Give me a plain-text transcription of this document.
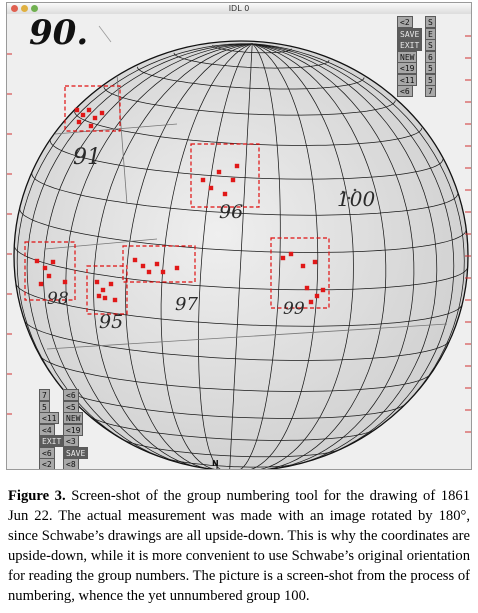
IDL 0
90.
91
96
100
98	99
95
97
N
<2	S
SAVE	E
EXIT	S
NEW	6
<19	5
<11	5
<6	7
7	<6
5	<5
<11	NEW
<4	<19
EXIT <3
<6	SAVE
<2	<8

Figure 3. Screen-shot of the group numbering tool for the drawing of 1861 Jun 22. The actual measurement was made with an image rotated by 180°, since Schwabe’s drawings are all upside-down. This is why the coordinates are upside-down, while it is more convenient to use Schwabe’s original orientation for reading the group numbers. The picture is a screen-shot from the process of numbering, whence the yet unnumbered group 100.
